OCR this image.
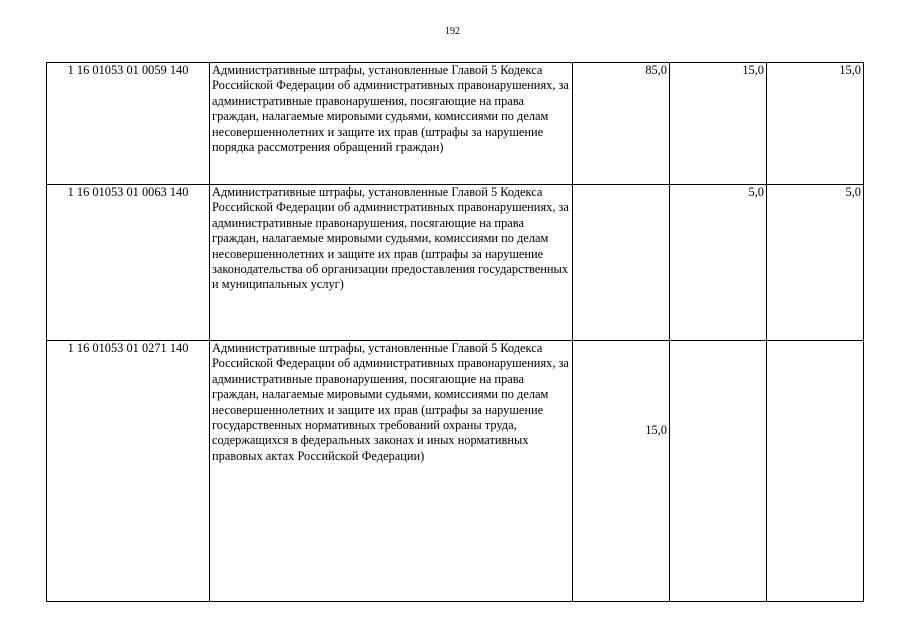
192
1 16 01053 01 0059 140	Административные штрафы, установленные Главой 5 Кодекса Российской Федерации об административных правонарушениях, за административные правонарушения, посягающие на права граждан, налагаемые мировыми судьями, комиссиями по делам несовершеннолетних и защите их прав (штрафы за нарушение порядка рассмотрения обращений граждан)	85,0	15,0	15,0
1 16 01053 01 0063 140	Административные штрафы, установленные Главой 5 Кодекса Российской Федерации об административных правонарушениях, за административные правонарушения, посягающие на права граждан, налагаемые мировыми судьями, комиссиями по делам несовершеннолетних и защите их прав (штрафы за нарушение законодательства об организации предоставления государственных и муниципальных услуг)		5,0	5,0
1 16 01053 01 0271 140	Административные штрафы, установленные Главой 5 Кодекса Российской Федерации об административных правонарушениях, за административные правонарушения, посягающие на права граждан, налагаемые мировыми судьями, комиссиями по делам несовершеннолетних и защите их прав (штрафы за нарушение государственных нормативных требований охраны труда, содержащихся в федеральных законах и иных нормативных правовых актах Российской Федерации)	15,0		
